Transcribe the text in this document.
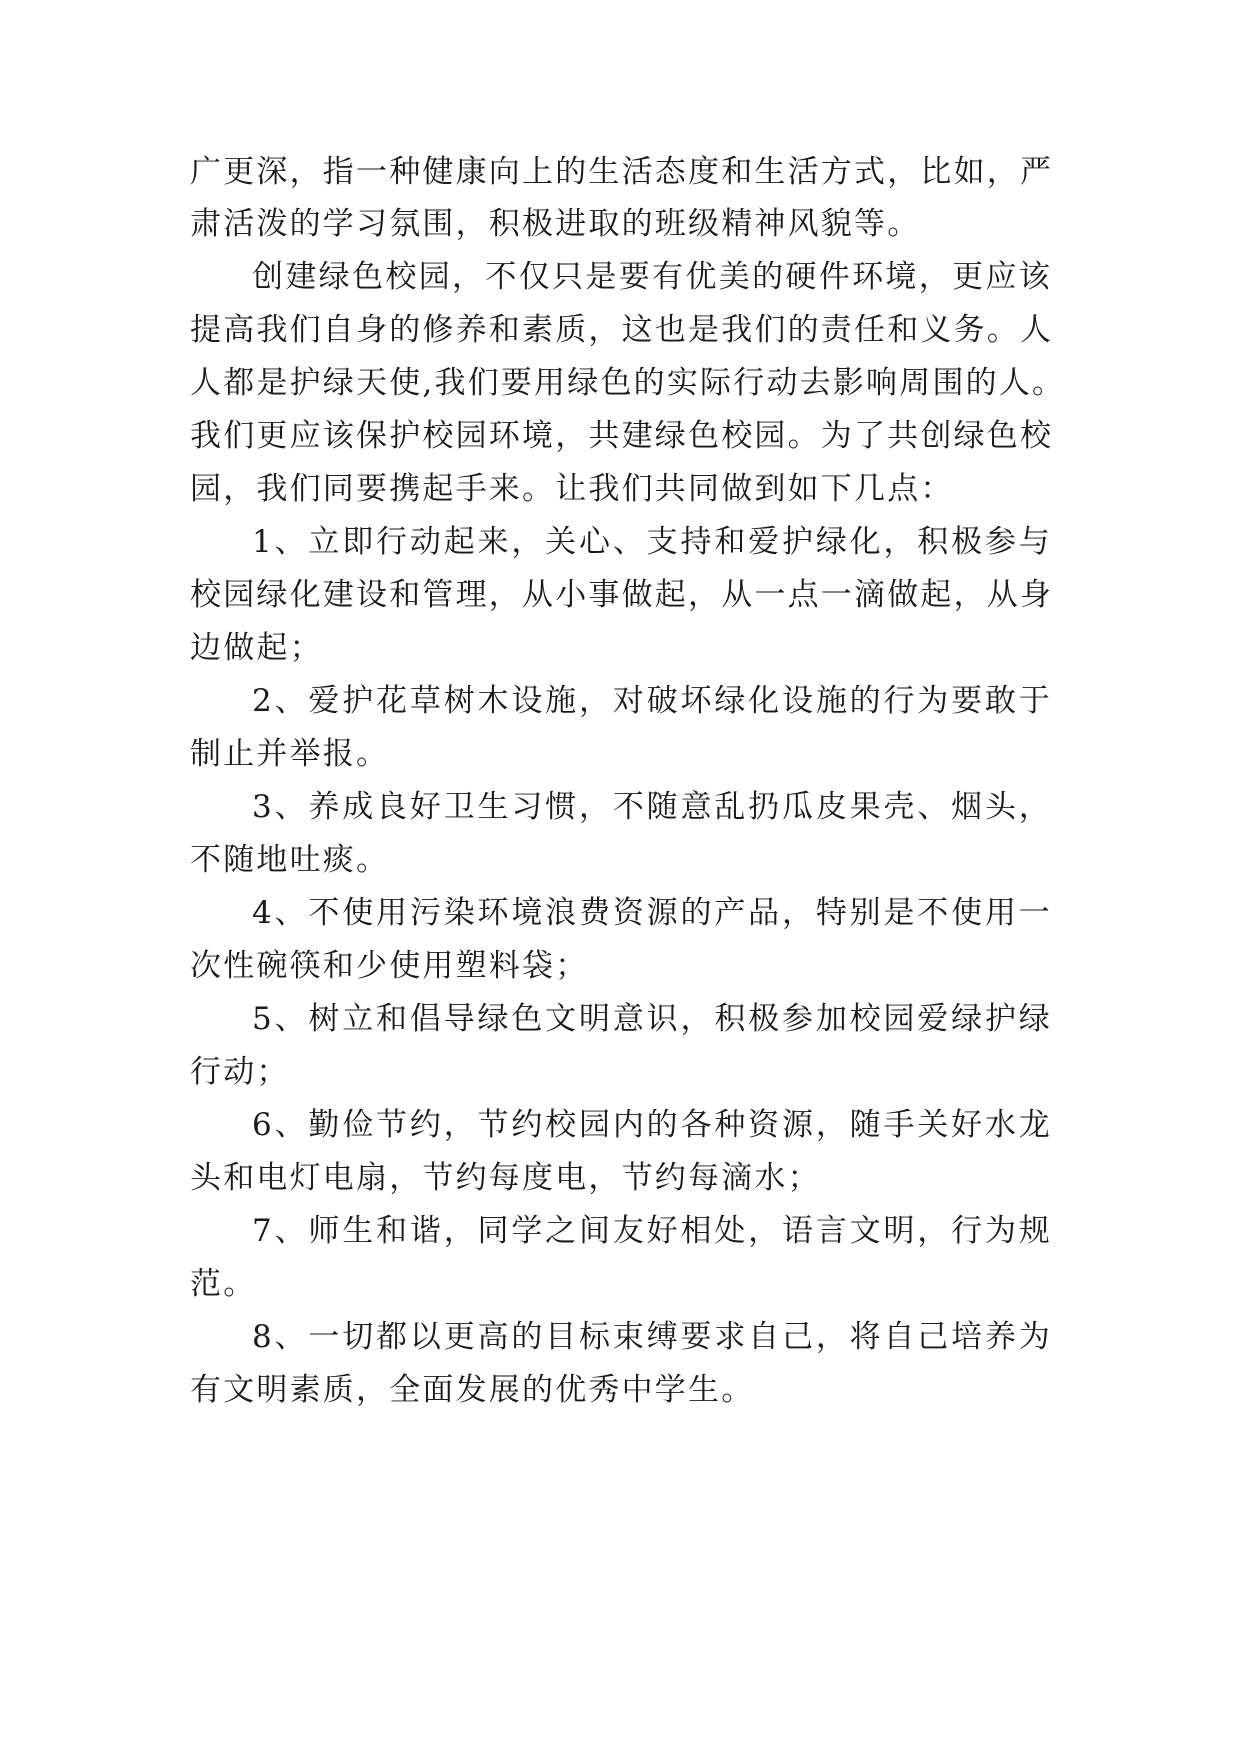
广更深，指一种健康向上的生活态度和生活方式，比如，严
肃活泼的学习氛围，积极进取的班级精神风貌等。
创建绿色校园，不仅只是要有优美的硬件环境，更应该
提高我们自身的修养和素质，这也是我们的责任和义务。人
人都是护绿天使,我们要用绿色的实际行动去影响周围的人。
我们更应该保护校园环境，共建绿色校园。为了共创绿色校
园，我们同要携起手来。让我们共同做到如下几点：
1、立即行动起来，关心、支持和爱护绿化，积极参与
校园绿化建设和管理，从小事做起，从一点一滴做起，从身
边做起；
2、爱护花草树木设施，对破坏绿化设施的行为要敢于
制止并举报。
3、养成良好卫生习惯，不随意乱扔瓜皮果壳、烟头，
不随地吐痰。
4、不使用污染环境浪费资源的产品，特别是不使用一
次性碗筷和少使用塑料袋；
5、树立和倡导绿色文明意识，积极参加校园爱绿护绿
行动；
6、勤俭节约，节约校园内的各种资源，随手关好水龙
头和电灯电扇，节约每度电，节约每滴水；
7、师生和谐，同学之间友好相处，语言文明，行为规
范。
8、一切都以更高的目标束缚要求自己，将自己培养为
有文明素质，全面发展的优秀中学生。
